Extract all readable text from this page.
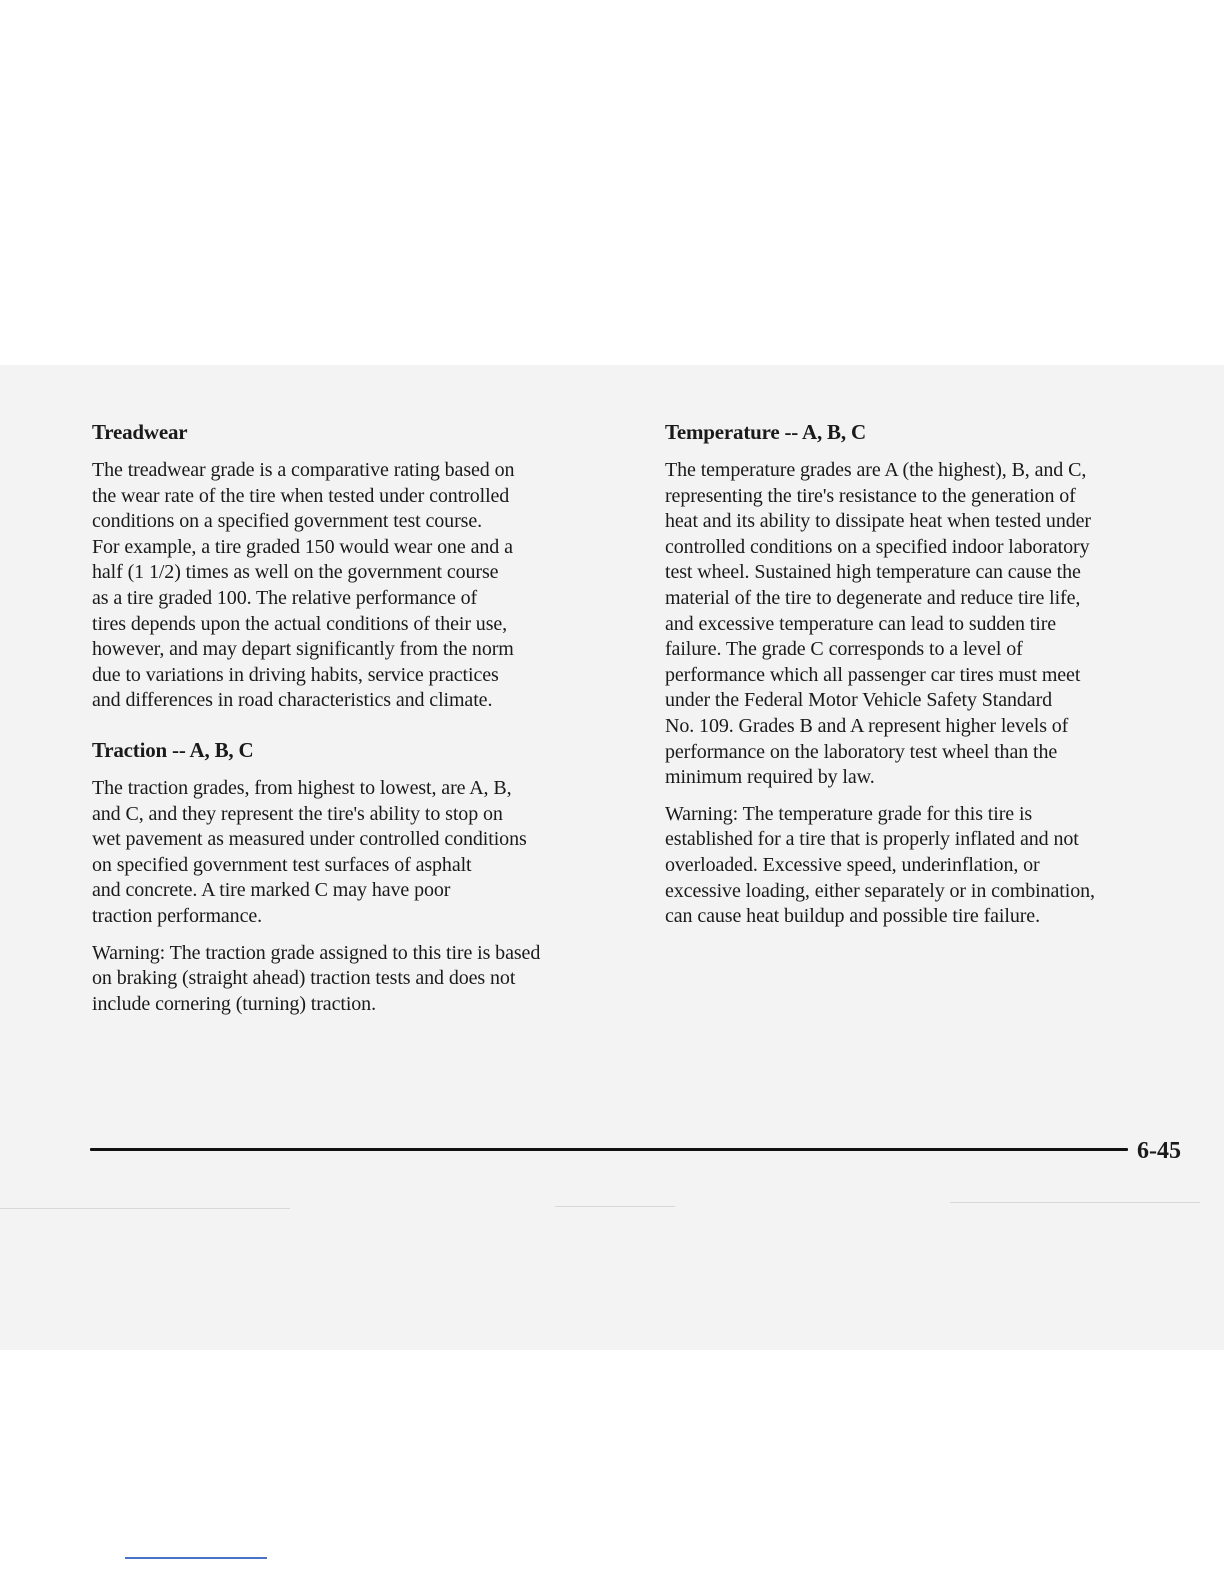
Treadwear

The treadwear grade is a comparative rating based on
the wear rate of the tire when tested under controlled
conditions on a specified government test course.
For example, a tire graded 150 would wear one and a
half (1 1/2) times as well on the government course
as a tire graded 100. The relative performance of
tires depends upon the actual conditions of their use,
however, and may depart significantly from the norm
due to variations in driving habits, service practices
and differences in road characteristics and climate.

Traction -- A, B, C

The traction grades, from highest to lowest, are A, B,
and C, and they represent the tire's ability to stop on
wet pavement as measured under controlled conditions
on specified government test surfaces of asphalt
and concrete. A tire marked C may have poor
traction performance.

Warning: The traction grade assigned to this tire is based
on braking (straight ahead) traction tests and does not
include cornering (turning) traction.

Temperature -- A, B, C

The temperature grades are A (the highest), B, and C,
representing the tire's resistance to the generation of
heat and its ability to dissipate heat when tested under
controlled conditions on a specified indoor laboratory
test wheel. Sustained high temperature can cause the
material of the tire to degenerate and reduce tire life,
and excessive temperature can lead to sudden tire
failure. The grade C corresponds to a level of
performance which all passenger car tires must meet
under the Federal Motor Vehicle Safety Standard
No. 109. Grades B and A represent higher levels of
performance on the laboratory test wheel than the
minimum required by law.

Warning: The temperature grade for this tire is
established for a tire that is properly inflated and not
overloaded. Excessive speed, underinflation, or
excessive loading, either separately or in combination,
can cause heat buildup and possible tire failure.

6-45
